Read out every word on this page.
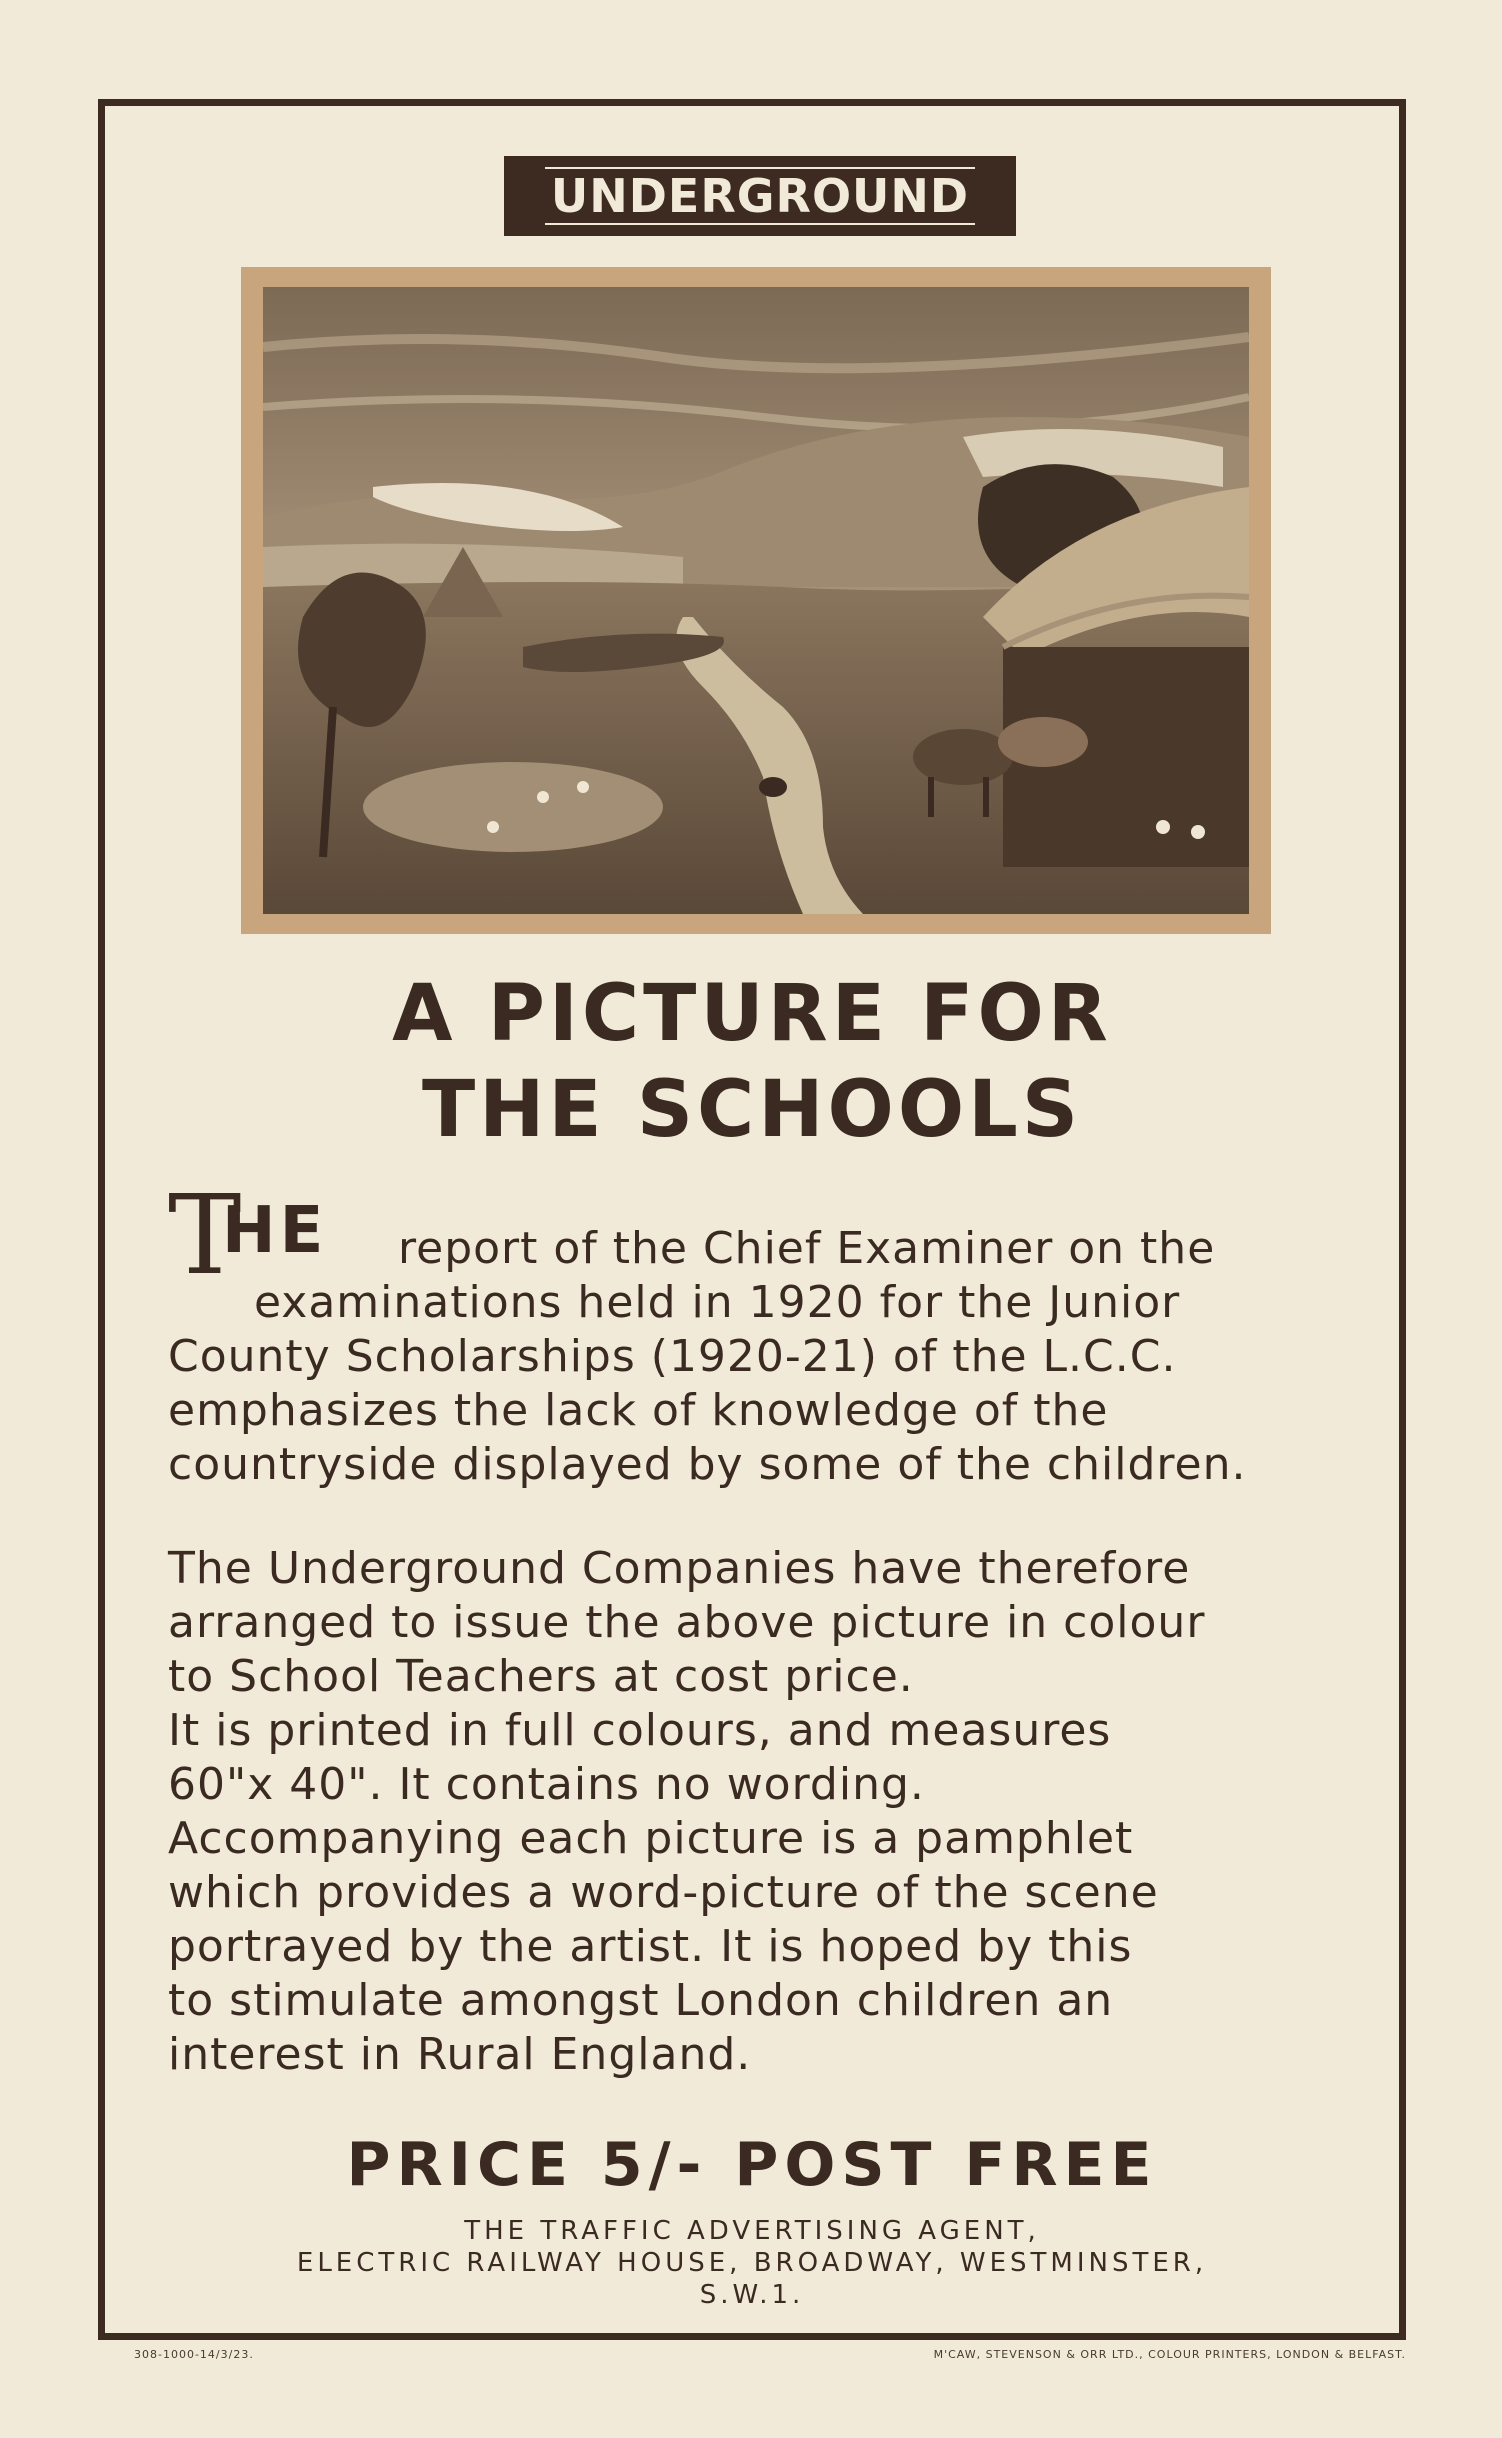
UNDERGROUND
A PICTURE FOR
THE SCHOOLS
T
HE report of the Chief Examiner on the
examinations held in 1920 for the Junior
County Scholarships (1920-21) of the L.C.C.
emphasizes the lack of knowledge of the
countryside displayed by some of the children.
The Underground Companies have therefore
arranged to issue the above picture in colour
to School Teachers at cost price.
It is printed in full colours, and measures
60"x 40". It contains no wording.
Accompanying each picture is a pamphlet
which provides a word-picture of the scene
portrayed by the artist. It is hoped by this
to stimulate amongst London children an
interest in Rural England.
PRICE 5/- POST FREE
THE TRAFFIC ADVERTISING AGENT,
ELECTRIC RAILWAY HOUSE, BROADWAY, WESTMINSTER,
S.W.1.
308-1000-14/3/23.	M'CAW, STEVENSON & ORR LTD., COLOUR PRINTERS, LONDON & BELFAST.
